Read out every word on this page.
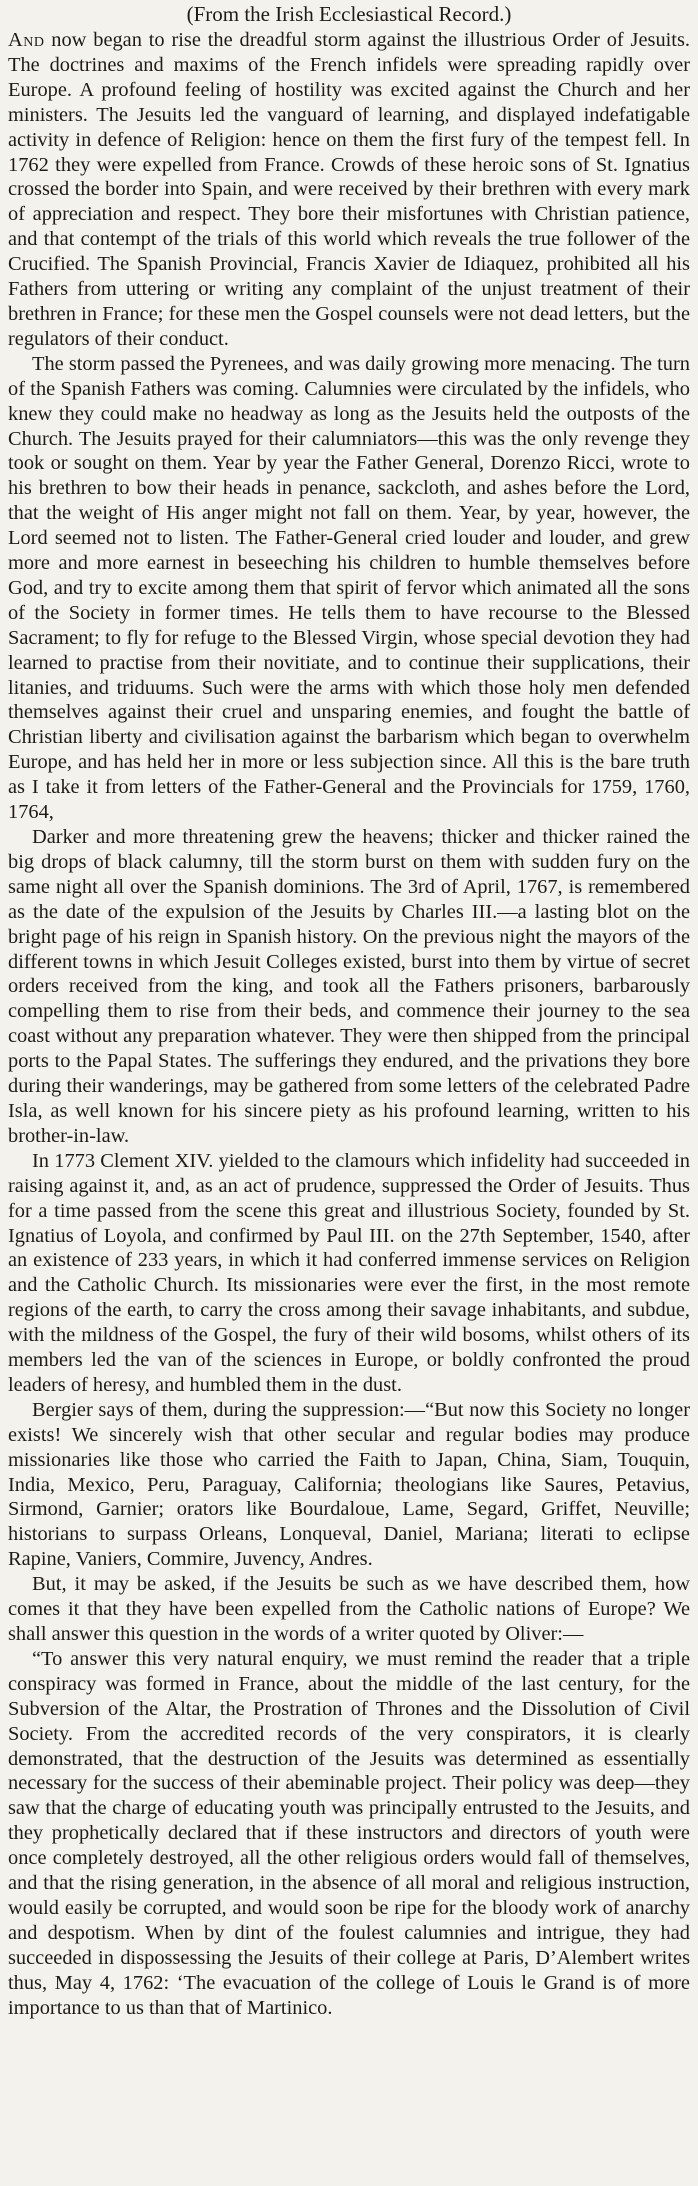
(From the Irish Ecclesiastical Record.)

And now began to rise the dreadful storm against the illustrious Order of Jesuits. The doctrines and maxims of the French infidels were spreading rapidly over Europe. A profound feeling of hostility was excited against the Church and her ministers. The Jesuits led the vanguard of learning, and displayed indefatigable activity in defence of Religion: hence on them the first fury of the tempest fell. In 1762 they were expelled from France. Crowds of these heroic sons of St. Ignatius crossed the border into Spain, and were received by their brethren with every mark of appreciation and respect. They bore their misfortunes with Christian patience, and that contempt of the trials of this world which reveals the true follower of the Crucified. The Spanish Provincial, Francis Xavier de Idiaquez, prohibited all his Fathers from uttering or writing any complaint of the unjust treatment of their brethren in France; for these men the Gospel counsels were not dead letters, but the regulators of their conduct.

The storm passed the Pyrenees, and was daily growing more menacing. The turn of the Spanish Fathers was coming. Calumnies were circulated by the infidels, who knew they could make no headway as long as the Jesuits held the outposts of the Church. The Jesuits prayed for their calumniators—this was the only revenge they took or sought on them. Year by year the Father General, Dorenzo Ricci, wrote to his brethren to bow their heads in penance, sackcloth, and ashes before the Lord, that the weight of His anger might not fall on them. Year, by year, however, the Lord seemed not to listen. The Father-General cried louder and louder, and grew more and more earnest in beseeching his children to humble themselves before God, and try to excite among them that spirit of fervor which animated all the sons of the Society in former times. He tells them to have recourse to the Blessed Sacrament; to fly for refuge to the Blessed Virgin, whose special devotion they had learned to practise from their novitiate, and to continue their supplications, their litanies, and triduums. Such were the arms with which those holy men defended themselves against their cruel and unsparing enemies, and fought the battle of Christian liberty and civilisation against the barbarism which began to overwhelm Europe, and has held her in more or less subjection since. All this is the bare truth as I take it from letters of the Father-General and the Provincials for 1759, 1760, 1764,

Darker and more threatening grew the heavens; thicker and thicker rained the big drops of black calumny, till the storm burst on them with sudden fury on the same night all over the Spanish dominions. The 3rd of April, 1767, is remembered as the date of the expulsion of the Jesuits by Charles III.—a lasting blot on the bright page of his reign in Spanish history. On the previous night the mayors of the different towns in which Jesuit Colleges existed, burst into them by virtue of secret orders received from the king, and took all the Fathers prisoners, barbarously compelling them to rise from their beds, and commence their journey to the sea coast without any preparation whatever. They were then shipped from the principal ports to the Papal States. The sufferings they endured, and the privations they bore during their wanderings, may be gathered from some letters of the celebrated Padre Isla, as well known for his sincere piety as his profound learning, written to his brother-in-law.

In 1773 Clement XIV. yielded to the clamours which infidelity had succeeded in raising against it, and, as an act of prudence, suppressed the Order of Jesuits. Thus for a time passed from the scene this great and illustrious Society, founded by St. Ignatius of Loyola, and confirmed by Paul III. on the 27th September, 1540, after an existence of 233 years, in which it had conferred immense services on Religion and the Catholic Church. Its missionaries were ever the first, in the most remote regions of the earth, to carry the cross among their savage inhabitants, and subdue, with the mildness of the Gospel, the fury of their wild bosoms, whilst others of its members led the van of the sciences in Europe, or boldly confronted the proud leaders of heresy, and humbled them in the dust.

Bergier says of them, during the suppression:—“But now this Society no longer exists! We sincerely wish that other secular and regular bodies may produce missionaries like those who carried the Faith to Japan, China, Siam, Touquin, India, Mexico, Peru, Paraguay, California; theologians like Saures, Petavius, Sirmond, Garnier; orators like Bourdaloue, Lame, Segard, Griffet, Neuville; historians to surpass Orleans, Lonqueval, Daniel, Mariana; literati to eclipse Rapine, Vaniers, Commire, Juvency, Andres.

But, it may be asked, if the Jesuits be such as we have described them, how comes it that they have been expelled from the Catholic nations of Europe? We shall answer this question in the words of a writer quoted by Oliver:—

“To answer this very natural enquiry, we must remind the reader that a triple conspiracy was formed in France, about the middle of the last century, for the Subversion of the Altar, the Prostration of Thrones and the Dissolution of Civil Society. From the accredited records of the very conspirators, it is clearly demonstrated, that the destruction of the Jesuits was determined as essentially necessary for the success of their abeminable project. Their policy was deep—they saw that the charge of educating youth was principally entrusted to the Jesuits, and they prophetically declared that if these instructors and directors of youth were once completely destroyed, all the other religious orders would fall of themselves, and that the rising generation, in the absence of all moral and religious instruction, would easily be corrupted, and would soon be ripe for the bloody work of anarchy and despotism. When by dint of the foulest calumnies and intrigue, they had succeeded in dispossessing the Jesuits of their college at Paris, D’Alembert writes thus, May 4, 1762: ‘The evacuation of the college of Louis le Grand is of more importance to us than that of Martinico.
